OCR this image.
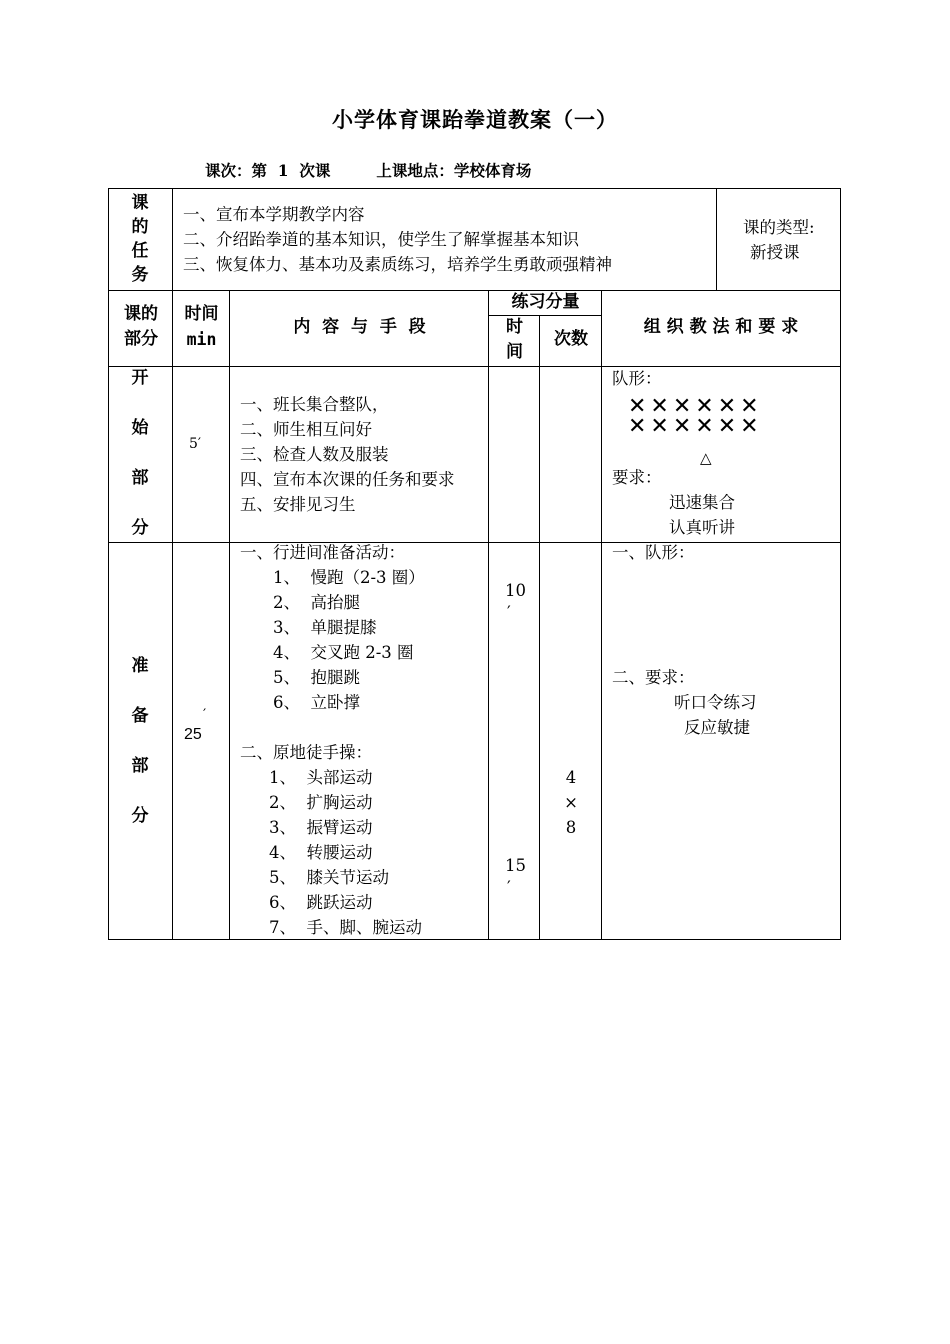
小学体育课跆拳道教案（一）
课次：第  1  次课	上课地点：学校体育场
课
的
任
务
一、宣布本学期教学内容
二、介绍跆拳道的基本知识，使学生了解掌握基本知识
三、恢复体力、基本功及素质练习，培养学生勇敢顽强精神
课的类型:
新授课
课的
部分
时间
min
内  容  与  手  段
练习分量
时
间
次数
组 织 教 法 和 要 求
开
始
部
分
5′
一、班长集合整队，
二、师生相互问好
三、检查人数及服装
四、宣布本次课的任务和要求
五、安排见习生
队形：
✕✕✕✕✕✕
✕✕✕✕✕✕
△
要求：
迅速集合
认真听讲
准
备
部
分
′
25
一、行进间准备活动：
1、  慢跑（2-3 圈）
2、  高抬腿
3、  单腿提膝
4、  交叉跑 2-3 圈
5、  抱腿跳
6、  立卧撑
二、原地徒手操：
1、  头部运动
2、  扩胸运动
3、  振臂运动
4、  转腰运动
5、  膝关节运动
6、  跳跃运动
7、  手、脚、腕运动
10
′
15
′
4
×
8
一、队形：
二、要求：
听口令练习
反应敏捷
